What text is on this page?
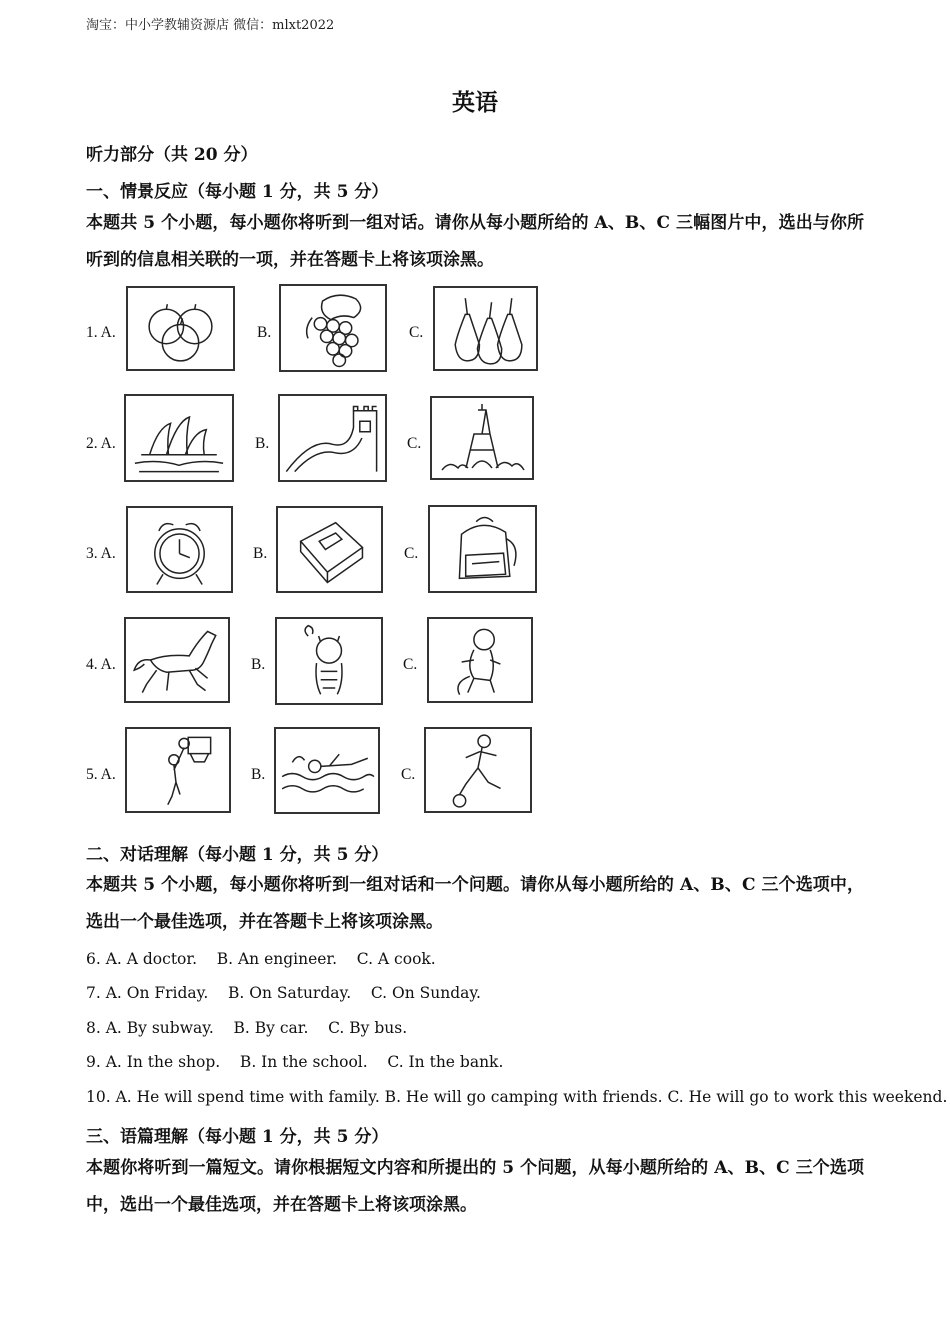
淘宝：中小学教辅资源店 微信：mlxt2022
英语
听力部分（共 20 分）
一、情景反应（每小题 1 分，共 5 分）
本题共 5 个小题，每小题你将听到一组对话。请你从每小题所给的 A、B、C 三幅图片中，选出与你所听到的信息相关联的一项，并在答题卡上将该项涂黑。
1. A.	B.	C.
2. A.	B.	C.
3. A.	B.	C.
4. A.	B.	C.
5. A.	B.	C.
二、对话理解（每小题 1 分，共 5 分）
本题共 5 个小题，每小题你将听到一组对话和一个问题。请你从每小题所给的 A、B、C 三个选项中，选出一个最佳选项，并在答题卡上将该项涂黑。
6. A. A doctor.    B. An engineer.    C. A cook.
7. A. On Friday.    B. On Saturday.    C. On Sunday.
8. A. By subway.    B. By car.    C. By bus.
9. A. In the shop.    B. In the school.    C. In the bank.
10. A. He will spend time with family. B. He will go camping with friends. C. He will go to work this weekend.
三、语篇理解（每小题 1 分，共 5 分）
本题你将听到一篇短文。请你根据短文内容和所提出的 5 个问题，从每小题所给的 A、B、C 三个选项中，选出一个最佳选项，并在答题卡上将该项涂黑。
